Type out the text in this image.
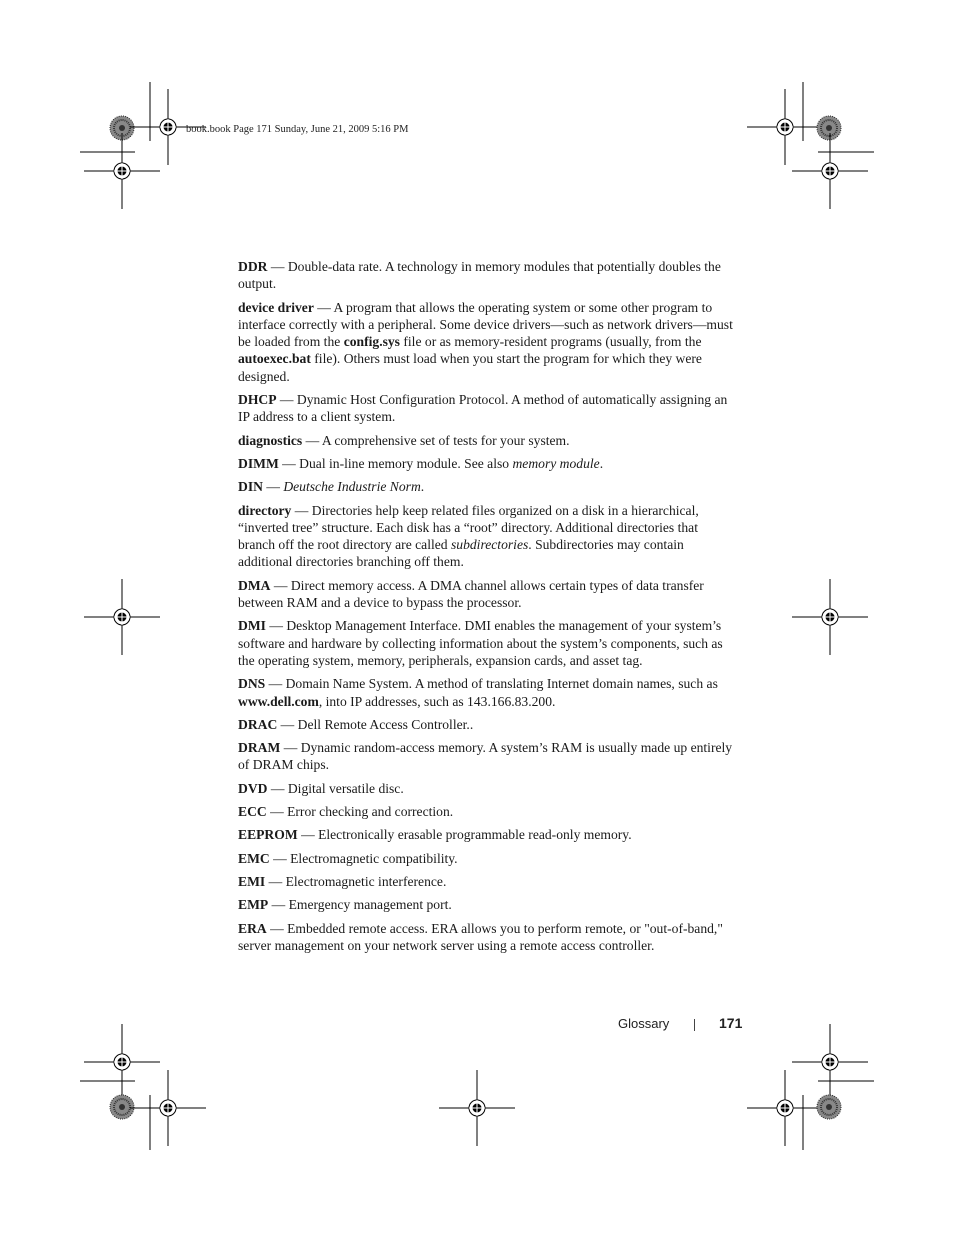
book.book Page 171 Sunday, June 21, 2009 5:16 PM

DDR — Double-data rate. A technology in memory modules that potentially doubles the output.

device driver — A program that allows the operating system or some other program to interface correctly with a peripheral. Some device drivers—such as network drivers—must be loaded from the config.sys file or as memory-resident programs (usually, from the autoexec.bat file). Others must load when you start the program for which they were designed.

DHCP — Dynamic Host Configuration Protocol. A method of automatically assigning an IP address to a client system.

diagnostics — A comprehensive set of tests for your system.

DIMM — Dual in-line memory module. See also memory module.

DIN — Deutsche Industrie Norm.

directory — Directories help keep related files organized on a disk in a hierarchical, “inverted tree” structure. Each disk has a “root” directory. Additional directories that branch off the root directory are called subdirectories. Subdirectories may contain additional directories branching off them.

DMA — Direct memory access. A DMA channel allows certain types of data transfer between RAM and a device to bypass the processor.

DMI — Desktop Management Interface. DMI enables the management of your system’s software and hardware by collecting information about the system’s components, such as the operating system, memory, peripherals, expansion cards, and asset tag.

DNS — Domain Name System. A method of translating Internet domain names, such as www.dell.com, into IP addresses, such as 143.166.83.200.

DRAC — Dell Remote Access Controller..

DRAM — Dynamic random-access memory. A system’s RAM is usually made up entirely of DRAM chips.

DVD — Digital versatile disc.

ECC — Error checking and correction.

EEPROM — Electronically erasable programmable read-only memory.

EMC — Electromagnetic compatibility.

EMI — Electromagnetic interference.

EMP — Emergency management port.

ERA — Embedded remote access. ERA allows you to perform remote, or "out-of-band," server management on your network server using a remote access controller.

Glossary	171
